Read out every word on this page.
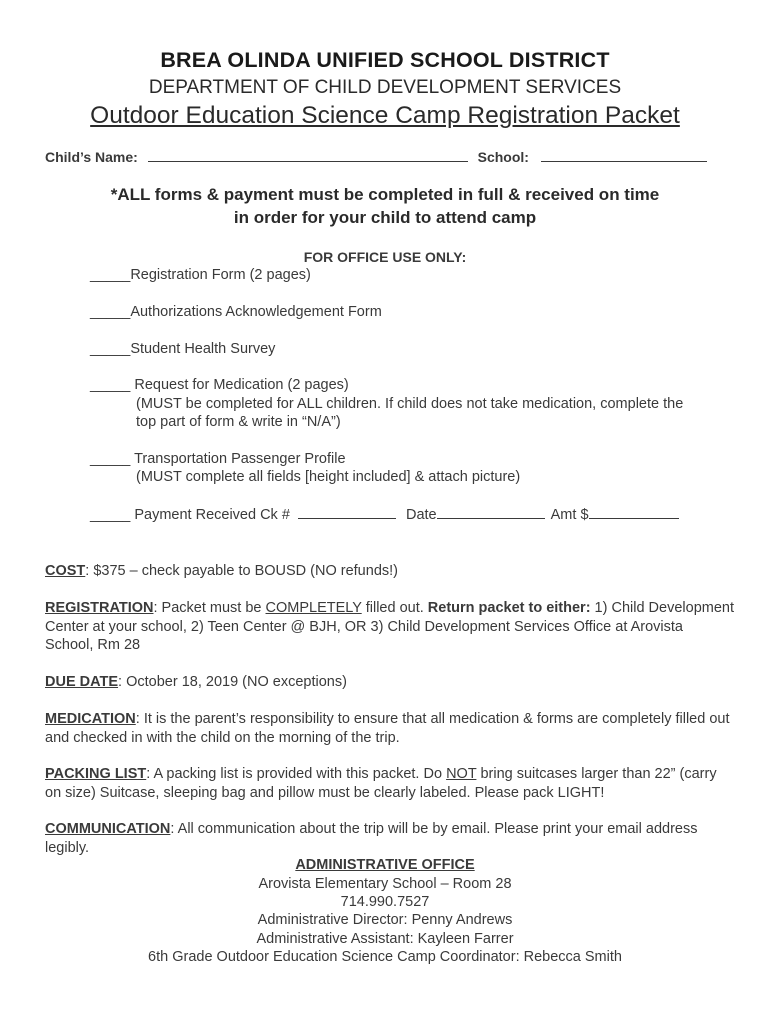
BREA OLINDA UNIFIED SCHOOL DISTRICT
DEPARTMENT OF CHILD DEVELOPMENT SERVICES
Outdoor Education Science Camp Registration Packet
Child’s Name:	School:
*ALL forms & payment must be completed in full & received on time
in order for your child to attend camp
FOR OFFICE USE ONLY:
_____Registration Form (2 pages)
_____Authorizations Acknowledgement Form
_____Student Health Survey
_____ Request for Medication (2 pages)
(MUST be completed for ALL children. If child does not take medication, complete the
top part of form & write in “N/A”)
_____ Transportation Passenger Profile
(MUST complete all fields [height included] & attach picture)
_____ Payment Received Ck #	Date	Amt $
COST: $375 – check payable to BOUSD (NO refunds!)
REGISTRATION: Packet must be COMPLETELY filled out. Return packet to either: 1) Child Development Center at your school, 2) Teen Center @ BJH, OR 3) Child Development Services Office at Arovista School, Rm 28
DUE DATE: October 18, 2019 (NO exceptions)
MEDICATION: It is the parent’s responsibility to ensure that all medication & forms are completely filled out and checked in with the child on the morning of the trip.
PACKING LIST: A packing list is provided with this packet. Do NOT bring suitcases larger than 22” (carry on size) Suitcase, sleeping bag and pillow must be clearly labeled. Please pack LIGHT!
COMMUNICATION: All communication about the trip will be by email. Please print your email address legibly.
ADMINISTRATIVE OFFICE
Arovista Elementary School – Room 28
714.990.7527
Administrative Director: Penny Andrews
Administrative Assistant: Kayleen Farrer
6th Grade Outdoor Education Science Camp Coordinator: Rebecca Smith
